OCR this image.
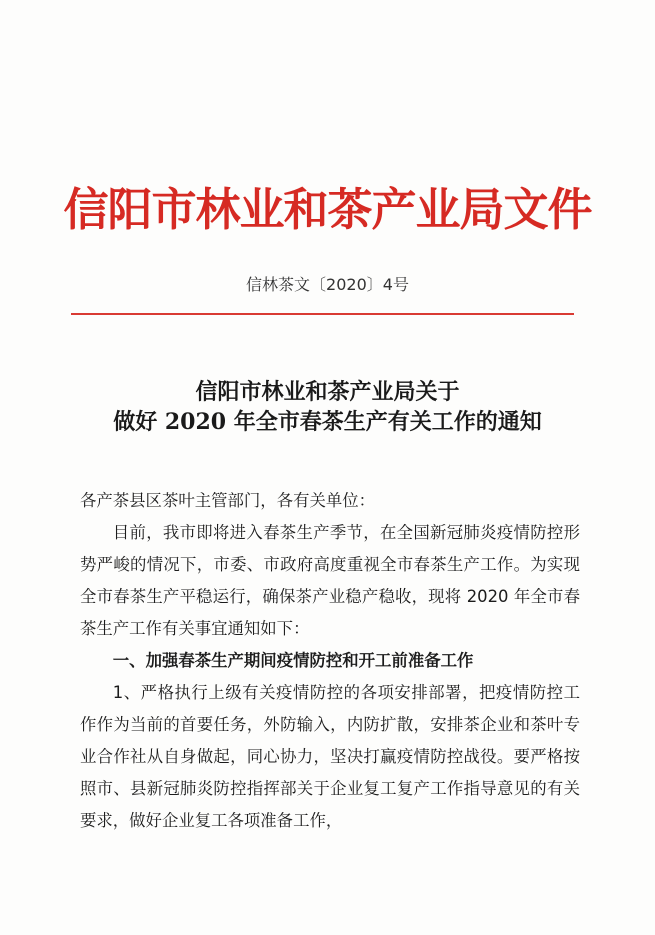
信阳市林业和茶产业局文件
信林茶文〔2020〕4号
信阳市林业和茶产业局关于
做好 2020 年全市春茶生产有关工作的通知

各产茶县区茶叶主管部门，各有关单位：

目前，我市即将进入春茶生产季节，在全国新冠肺炎疫情防控形势严峻的情况下，市委、市政府高度重视全市春茶生产工作。为实现全市春茶生产平稳运行，确保茶产业稳产稳收，现将 2020 年全市春茶生产工作有关事宜通知如下：

一、加强春茶生产期间疫情防控和开工前准备工作

1、严格执行上级有关疫情防控的各项安排部署，把疫情防控工作作为当前的首要任务，外防输入，内防扩散，安排茶企业和茶叶专业合作社从自身做起，同心协力，坚决打赢疫情防控战役。要严格按照市、县新冠肺炎防控指挥部关于企业复工复产工作指导意见的有关要求，做好企业复工各项准备工作，
